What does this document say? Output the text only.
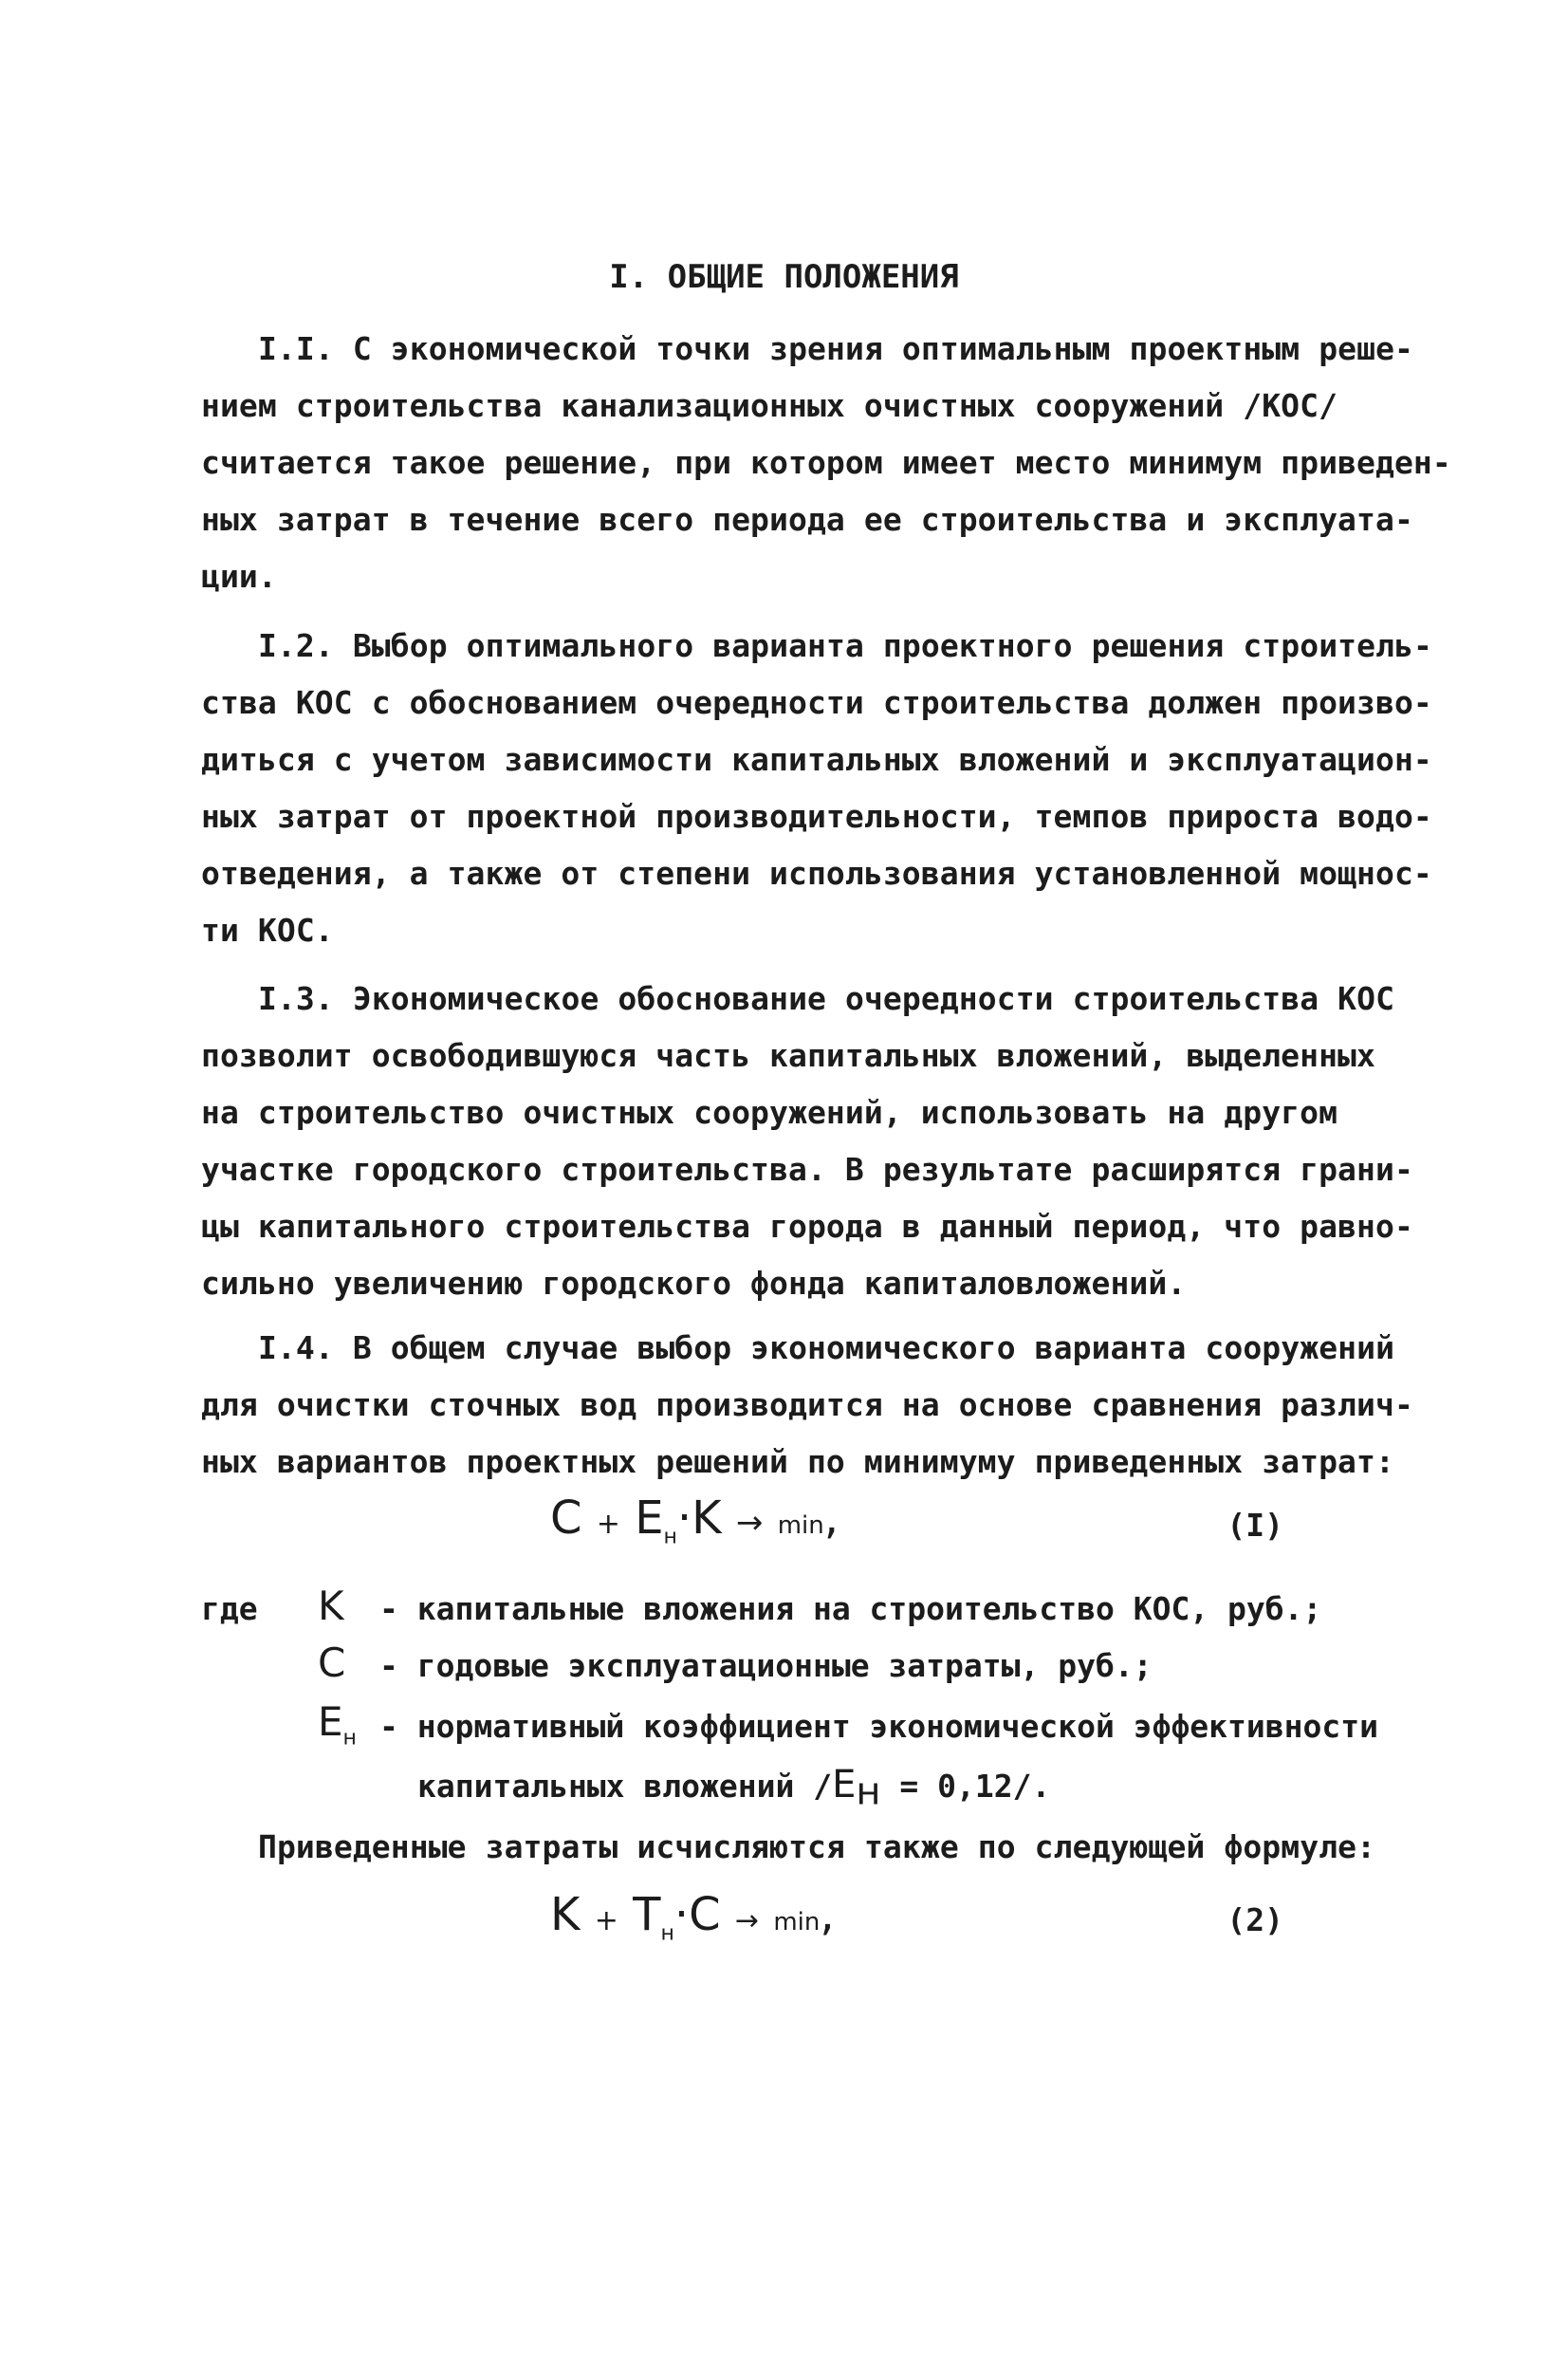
I. ОБЩИЕ ПОЛОЖЕНИЯ
I.I. С экономической точки зрения оптимальным проектным реше-
нием строительства канализационных очистных сооружений /КОС/
считается такое решение, при котором имеет место минимум приведен-
ных затрат в течение всего периода ее строительства и эксплуата-
ции.
I.2. Выбор оптимального варианта проектного решения строитель-
ства КОС с обоснованием очередности строительства должен произво-
диться с учетом зависимости капитальных вложений и эксплуатацион-
ных затрат от проектной производительности, темпов прироста водо-
отведения, а также от степени использования установленной мощнос-
ти КОС.
I.3. Экономическое обоснование очередности строительства КОС
позволит освободившуюся часть капитальных вложений, выделенных
на строительство очистных сооружений, использовать на другом
участке городского строительства. В результате расширятся грани-
цы капитального строительства города в данный период, что равно-
сильно увеличению городского фонда капиталовложений.
I.4. В общем случае выбор экономического варианта сооружений
для очистки сточных вод производится на основе сравнения различ-
ных вариантов проектных решений по минимуму приведенных затрат:
$C + E_н\cdot K \to \min$,	(I)
где K	- капитальные вложения на строительство КОС, руб.;
C	- годовые эксплуатационные затраты, руб.;
$E_н$ - нормативный коэффициент экономической эффективности
капитальных вложений $/E_н = 0,12/$.
Приведенные затраты исчисляются также по следующей формуле:
$K + T_н\cdot C \to \min$,	(2)
